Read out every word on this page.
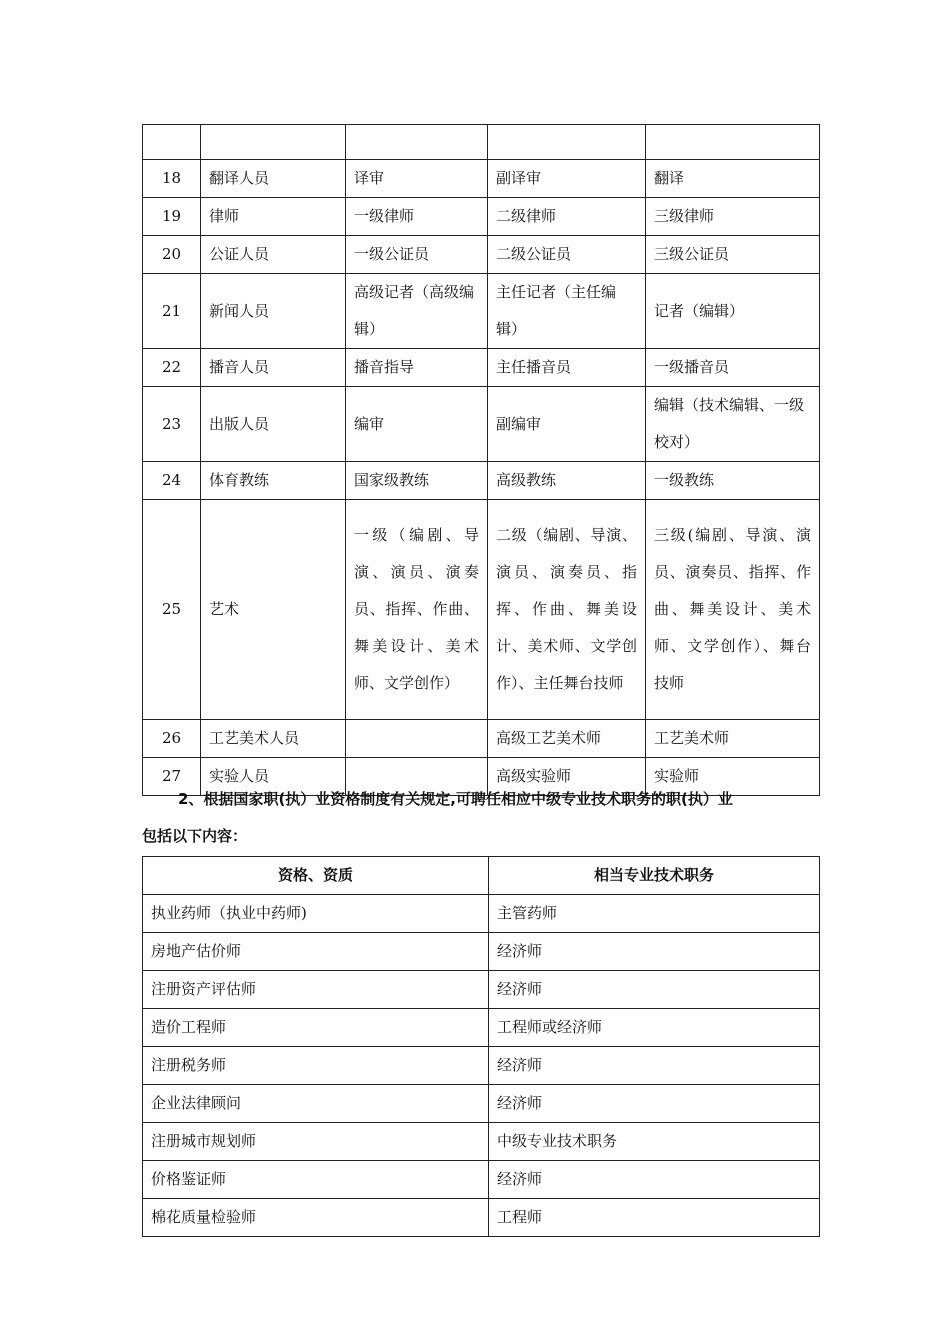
18	翻译人员	译审	副译审	翻译
19	律师	一级律师	二级律师	三级律师
20	公证人员	一级公证员	二级公证员	三级公证员
21	新闻人员	高级记者（高级编辑）	主任记者（主任编辑）	记者（编辑）
22	播音人员	播音指导	主任播音员	一级播音员
23	出版人员	编审	副编审	编辑（技术编辑、一级校对）
24	体育教练	国家级教练	高级教练	一级教练
25	艺术	一级（编剧、导演、演员、演奏员、指挥、作曲、舞美设计、美术师、文学创作）	二级（编剧、导演、演员、演奏员、指挥、作曲、舞美设计、美术师、文学创作）、主任舞台技师	三级(编剧、导演、演员、演奏员、指挥、作曲、舞美设计、美术师、文学创作）、舞台技师
26	工艺美术人员		高级工艺美术师	工艺美术师
27	实验人员		高级实验师	实验师
2、根据国家职(执）业资格制度有关规定,可聘任相应中级专业技术职务的职(执）业
包括以下内容：
资格、资质	相当专业技术职务
执业药师（执业中药师)	主管药师
房地产估价师	经济师
注册资产评估师	经济师
造价工程师	工程师或经济师
注册税务师	经济师
企业法律顾问	经济师
注册城市规划师	中级专业技术职务
价格鉴证师	经济师
棉花质量检验师	工程师
